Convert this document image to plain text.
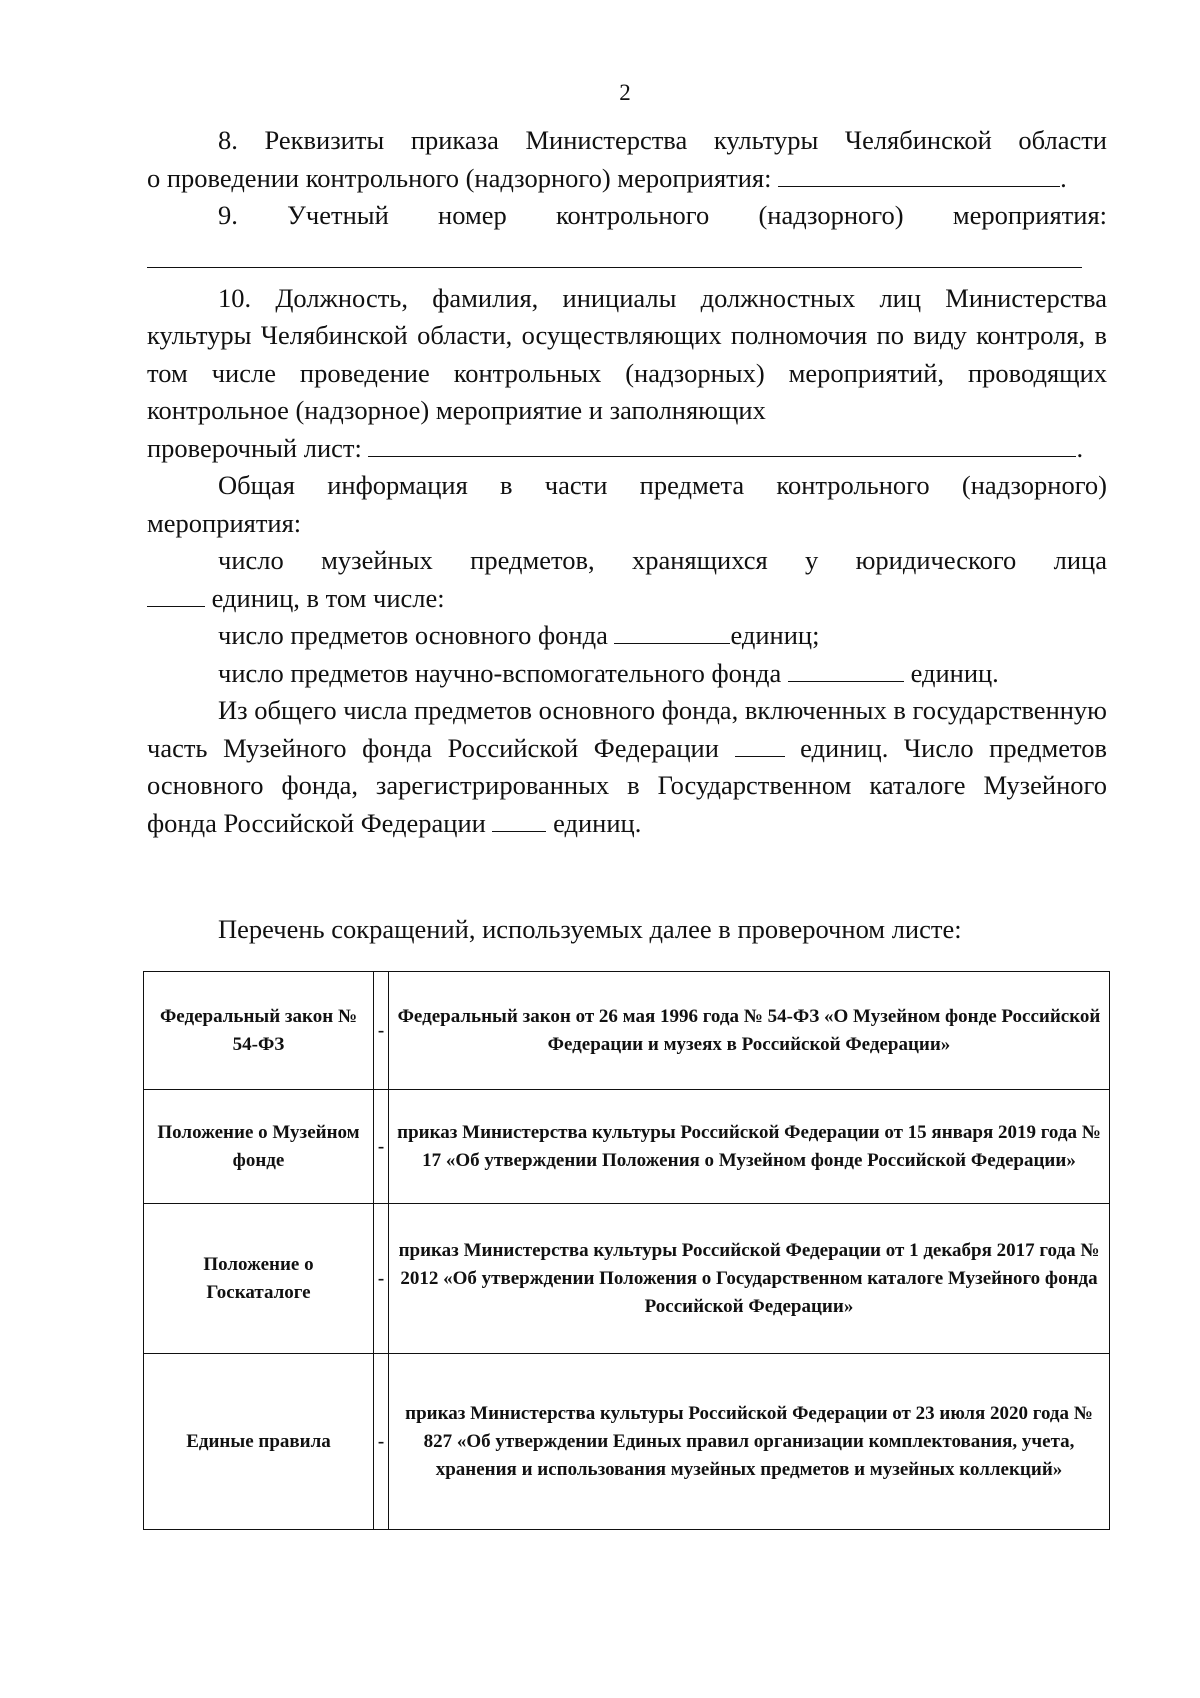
2

8. Реквизиты приказа Министерства культуры Челябинской области

о проведении контрольного (надзорного) мероприятия:	.

9. Учетный номер контрольного (надзорного) мероприятия:

10. Должность, фамилия, инициалы должностных лиц Министерства культуры Челябинской области, осуществляющих полномочия по виду контроля, в том числе проведение контрольных (надзорных) мероприятий, проводящих контрольное (надзорное) мероприятие и заполняющих

проверочный лист:	.

Общая информация в части предмета контрольного (надзорного) мероприятия:

число музейных предметов, хранящихся у юридического лица

единиц, в том числе:

число предметов основного фонда	единиц;

число предметов научно-вспомогательного фонда	единиц.

Из общего числа предметов основного фонда, включенных в государственную часть Музейного фонда Российской Федерации	единиц. Число предметов основного фонда, зарегистрированных в Государственном каталоге Музейного фонда Российской Федерации	единиц.

Перечень сокращений, используемых далее в проверочном листе:
Федеральный закон № 54-ФЗ	-	Федеральный закон от 26 мая 1996 года № 54-ФЗ «О Музейном фонде Российской Федерации и музеях в Российской Федерации»
Положение о Музейном фонде	-	приказ Министерства культуры Российской Федерации от 15 января 2019 года № 17 «Об утверждении Положения о Музейном фонде Российской Федерации»
Положение о Госкаталоге	-	приказ Министерства культуры Российской Федерации от 1 декабря 2017 года № 2012 «Об утверждении Положения о Государственном каталоге Музейного фонда Российской Федерации»
Единые правила	-	приказ Министерства культуры Российской Федерации от 23 июля 2020 года № 827 «Об утверждении Единых правил организации комплектования, учета, хранения и использования музейных предметов и музейных коллекций»
